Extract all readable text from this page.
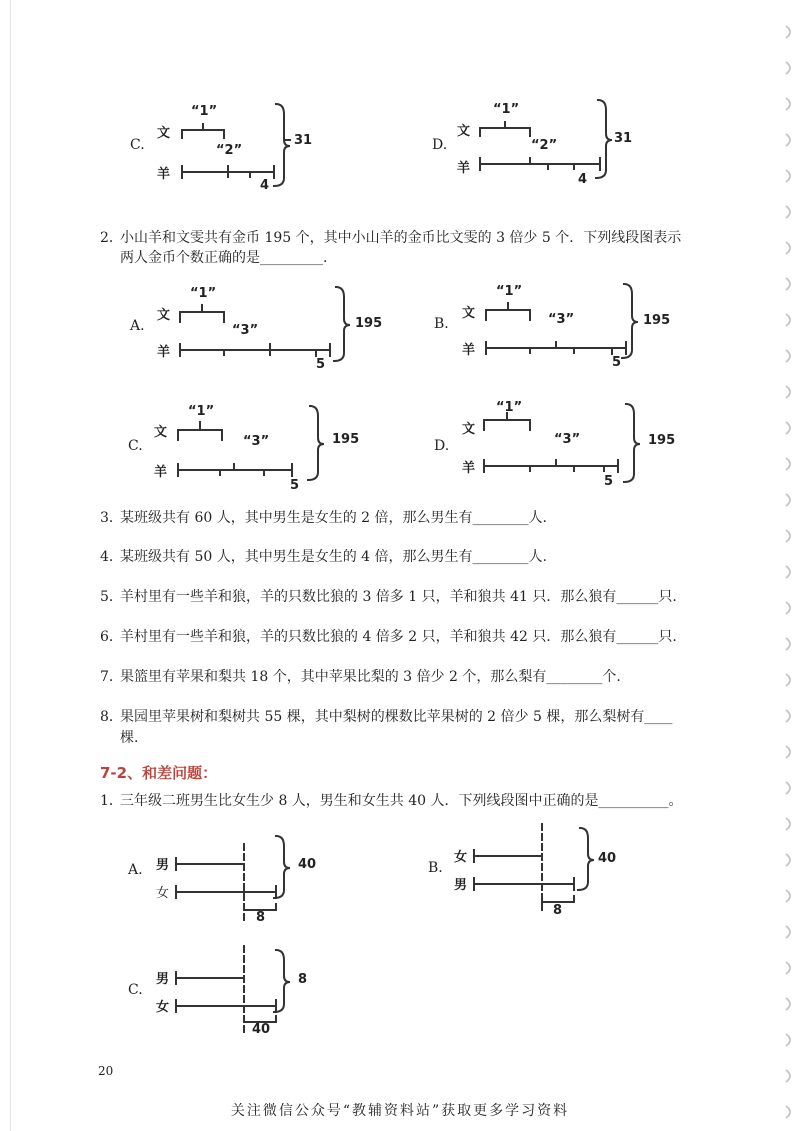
C.
文
羊
“1”
“2”
31
4
D.
文
羊
“1”
“2”	31
4
2．
小山羊和文雯共有金币 195 个，其中小山羊的金币比文雯的 3 倍少 5 个．下列线段图表示
两人金币个数正确的是_________.
A.
文
羊
“1”
“3”	195
5
B.
文
羊
“1”
“3”	195
5
C.
文
羊
“1”
“3”	195
5
D.
文
羊
“1”
“3”	195
5
3．
某班级共有 60 人，其中男生是女生的 2 倍，那么男生有________人.
4．
某班级共有 50 人，其中男生是女生的 4 倍，那么男生有________人.
5．
羊村里有一些羊和狼，羊的只数比狼的 3 倍多 1 只，羊和狼共 41 只．那么狼有______只.
6．
羊村里有一些羊和狼，羊的只数比狼的 4 倍多 2 只，羊和狼共 42 只．那么狼有______只.
7．
果篮里有苹果和梨共 18 个，其中苹果比梨的 3 倍少 2 个，那么梨有________个.
8．
果园里苹果树和梨树共 55 棵，其中梨树的棵数比苹果树的 2 倍少 5 棵，那么梨树有____
棵.
7-2、和差问题：
1．
三年级二班男生比女生少 8 人，男生和女生共 40 人．下列线段图中正确的是__________。
A. 男
女
40
8
B.
女
男
40
8
C.
男
女
8
40
20
关注微信公众号“教辅资料站”获取更多学习资料
